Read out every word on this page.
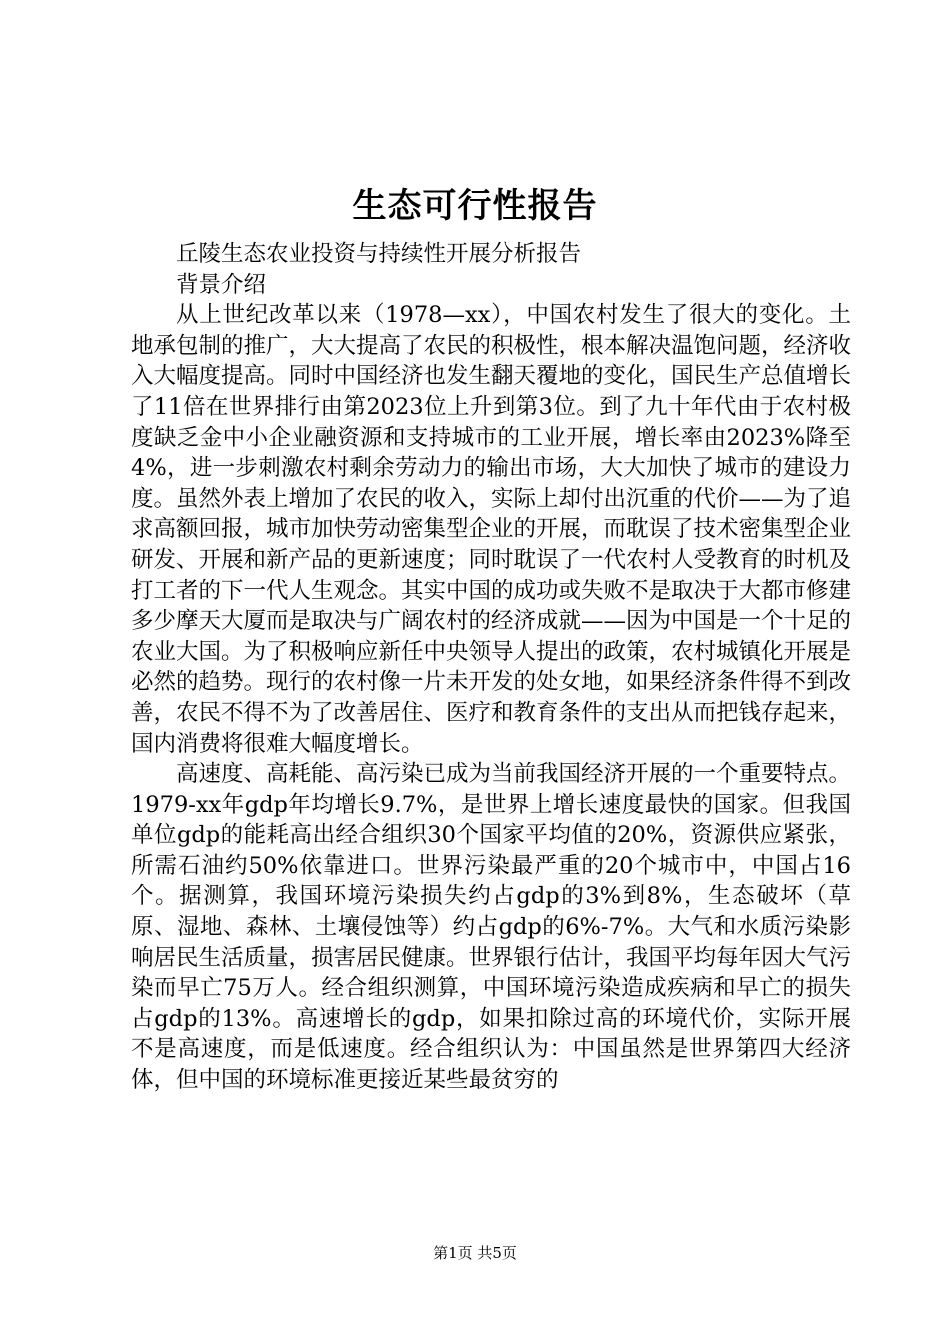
生态可行性报告

丘陵生态农业投资与持续性开展分析报告

背景介绍

从上世纪改革以来（1978—xx），中国农村发生了很大的变化。土地承包制的推广，大大提高了农民的积极性，根本解决温饱问题，经济收入大幅度提高。同时中国经济也发生翻天覆地的变化，国民生产总值增长了11倍在世界排行由第2023位上升到第3位。到了九十年代由于农村极度缺乏金中小企业融资源和支持城市的工业开展，增长率由2023%降至4%，进一步刺激农村剩余劳动力的输出市场，大大加快了城市的建设力度。虽然外表上增加了农民的收入，实际上却付出沉重的代价——为了追求高额回报，城市加快劳动密集型企业的开展，而耽误了技术密集型企业研发、开展和新产品的更新速度；同时耽误了一代农村人受教育的时机及打工者的下一代人生观念。其实中国的成功或失败不是取决于大都市修建多少摩天大厦而是取决与广阔农村的经济成就——因为中国是一个十足的农业大国。为了积极响应新任中央领导人提出的政策，农村城镇化开展是必然的趋势。现行的农村像一片未开发的处女地，如果经济条件得不到改善，农民不得不为了改善居住、医疗和教育条件的支出从而把钱存起来，国内消费将很难大幅度增长。

高速度、高耗能、高污染已成为当前我国经济开展的一个重要特点。1979-xx年gdp年均增长9.7%，是世界上增长速度最快的国家。但我国单位gdp的能耗高出经合组织30个国家平均值的20%，资源供应紧张，所需石油约50%依靠进口。世界污染最严重的20个城市中，中国占16个。据测算，我国环境污染损失约占gdp的3%到8%，生态破坏（草原、湿地、森林、土壤侵蚀等）约占gdp的6%-7%。大气和水质污染影响居民生活质量，损害居民健康。世界银行估计，我国平均每年因大气污染而早亡75万人。经合组织测算，中国环境污染造成疾病和早亡的损失占gdp的13%。高速增长的gdp，如果扣除过高的环境代价，实际开展不是高速度，而是低速度。经合组织认为：中国虽然是世界第四大经济体，但中国的环境标准更接近某些最贫穷的

第1页 共5页
